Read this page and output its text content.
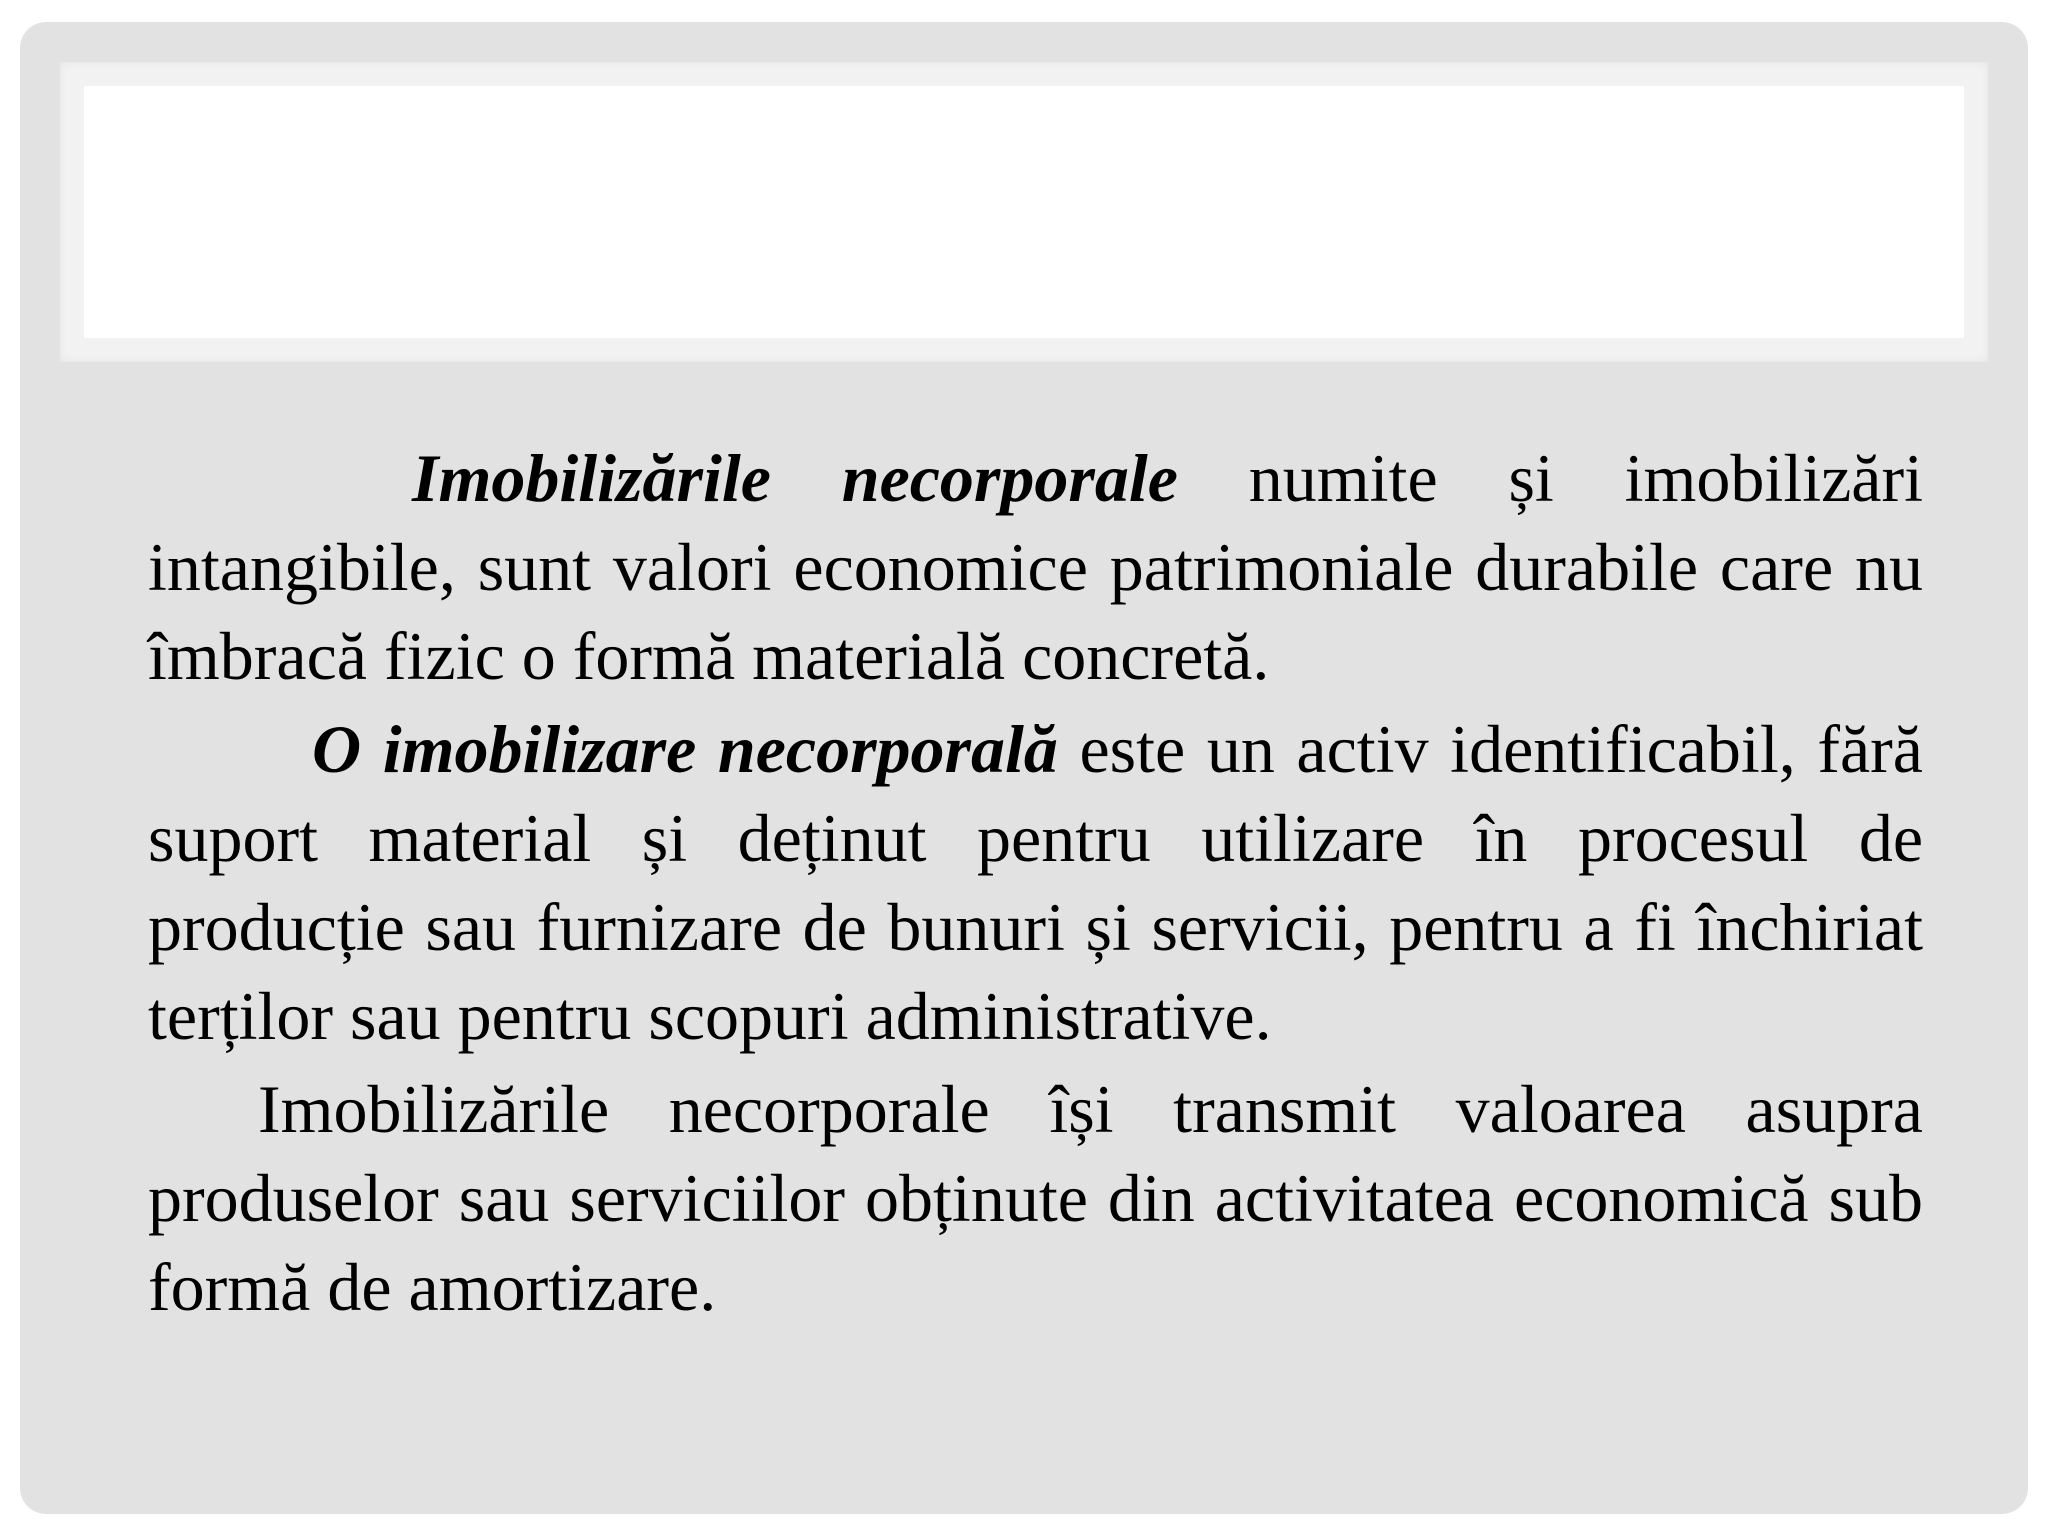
Imobilizările necorporale numite și imobilizări intangibile, sunt valori economice patrimoniale durabile care nu îmbracă fizic o formă materială concretă.

O imobilizare necorporală este un activ identificabil, fără suport material și deținut pentru utilizare în procesul de producție sau furnizare de bunuri și servicii, pentru a fi închiriat terților sau pentru scopuri administrative.

Imobilizările necorporale își transmit valoarea asupra produselor sau serviciilor obținute din activitatea economică sub formă de amortizare.
